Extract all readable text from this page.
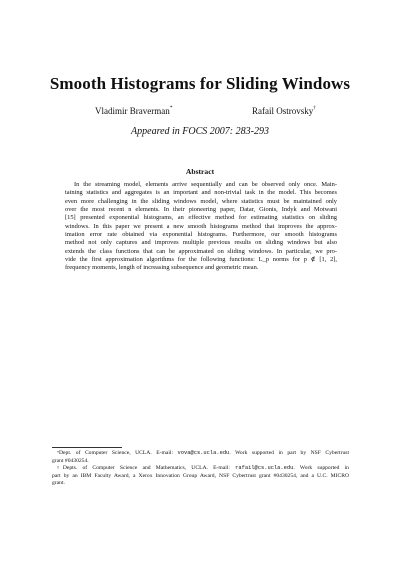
Smooth Histograms for Sliding Windows
Vladimir Braverman*	Rafail Ostrovsky†
Appeared in FOCS 2007: 283-293
Abstract
In the streaming model, elements arrive sequentially and can be observed only once. Main-
taining statistics and aggregates is an important and non-trivial task in the model. This becomes
even more challenging in the sliding windows model, where statistics must be maintained only
over the most recent n elements. In their pioneering paper, Datar, Gionis, Indyk and Motwani
[15] presented exponential histograms, an effective method for estimating statistics on sliding
windows. In this paper we present a new smooth histograms method that improves the approx-
imation error rate obtained via exponential histograms. Furthermore, our smooth histograms
method not only captures and improves multiple previous results on sliding windows but also
extends the class functions that can be approximated on sliding windows. In particular, we pro-
vide the first approximation algorithms for the following functions: L_p norms for p ∉ [1, 2],
frequency moments, length of increasing subsequence and geometric mean.
*Dept. of Computer Science, UCLA. E-mail: vova@cs.ucla.edu. Work supported in part by NSF Cybertrust
grant #0430254.
†Depts. of Computer Science and Mathematics, UCLA. E-mail: rafail@cs.ucla.edu. Work supported in
part by an IBM Faculty Award, a Xerox Innovation Group Award, NSF Cybertrust grant #0430254, and a U.C. MICRO
grant.
